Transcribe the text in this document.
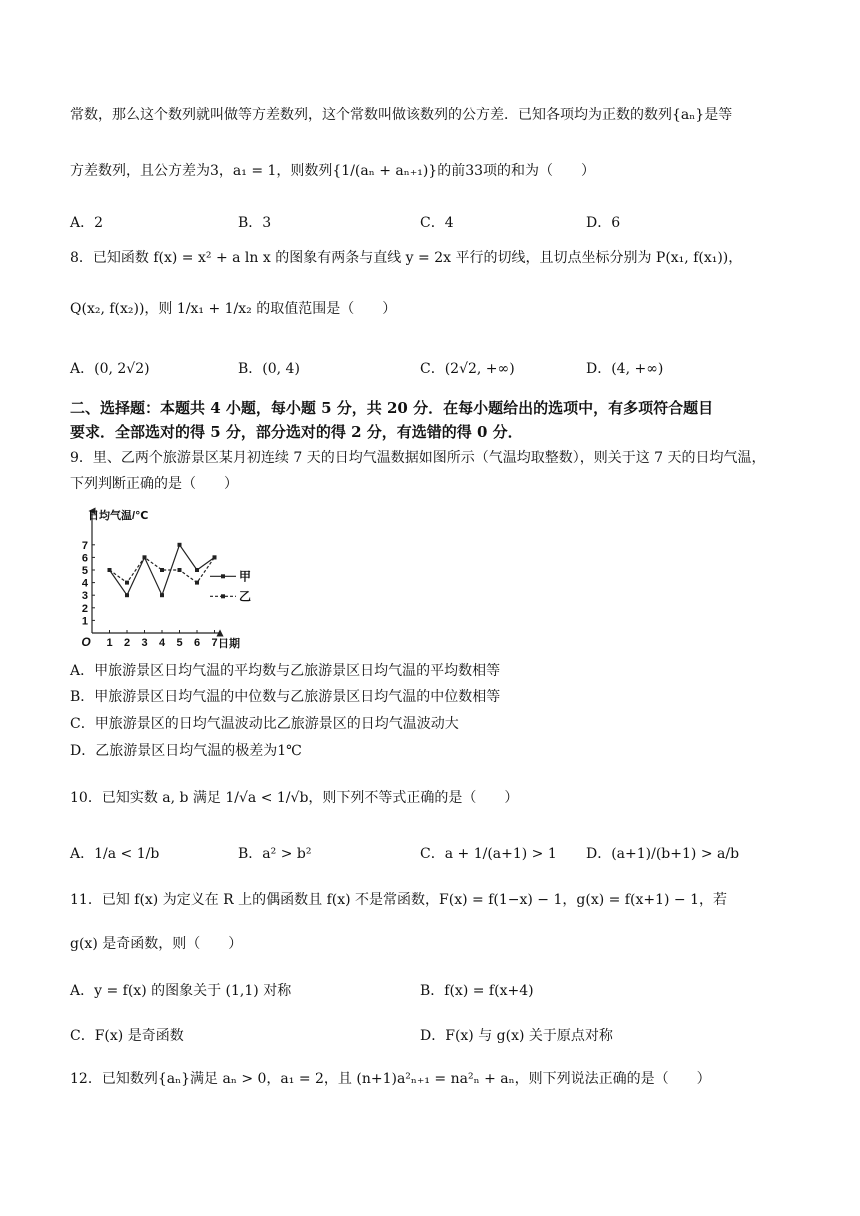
常数，那么这个数列就叫做等方差数列，这个常数叫做该数列的公方差．已知各项均为正数的数列{aₙ}是等
方差数列，且公方差为3，a₁ = 1，则数列{1/(aₙ + aₙ₊₁)}的前33项的和为（　　）
A．2	B．3	C．4	D．6
8．已知函数 f(x) = x² + a ln x 的图象有两条与直线 y = 2x 平行的切线，且切点坐标分别为 P(x₁, f(x₁))，
Q(x₂, f(x₂))，则 1/x₁ + 1/x₂ 的取值范围是（　　）
A．(0, 2√2)	B．(0, 4)	C．(2√2, +∞)	D．(4, +∞)
二、选择题：本题共 4 小题，每小题 5 分，共 20 分．在每小题给出的选项中，有多项符合题目
要求．全部选对的得 5 分，部分选对的得 2 分，有选错的得 0 分．
9．里、乙两个旅游景区某月初连续 7 天的日均气温数据如图所示（气温均取整数），则关于这 7 天的日均气温，
下列判断正确的是（　　）
1
2
3
4
5
6
7
1 2 3 4 5 6 7
O
日均气温/℃
日期
甲
乙
A．甲旅游景区日均气温的平均数与乙旅游景区日均气温的平均数相等
B．甲旅游景区日均气温的中位数与乙旅游景区日均气温的中位数相等
C．甲旅游景区的日均气温波动比乙旅游景区的日均气温波动大
D．乙旅游景区日均气温的极差为1℃
10．已知实数 a, b 满足 1/√a < 1/√b，则下列不等式正确的是（　　）
A．1/a < 1/b	B．a² > b²	C．a + 1/(a+1) > 1 D．(a+1)/(b+1) > a/b
11．已知 f(x) 为定义在 R 上的偶函数且 f(x) 不是常函数，F(x) = f(1−x) − 1，g(x) = f(x+1) − 1，若
g(x) 是奇函数，则（　　）
A．y = f(x) 的图象关于 (1,1) 对称	B．f(x) = f(x+4)
C．F(x) 是奇函数	D．F(x) 与 g(x) 关于原点对称
12．已知数列{aₙ}满足 aₙ > 0，a₁ = 2，且 (n+1)a²ₙ₊₁ = na²ₙ + aₙ，则下列说法正确的是（　　）
